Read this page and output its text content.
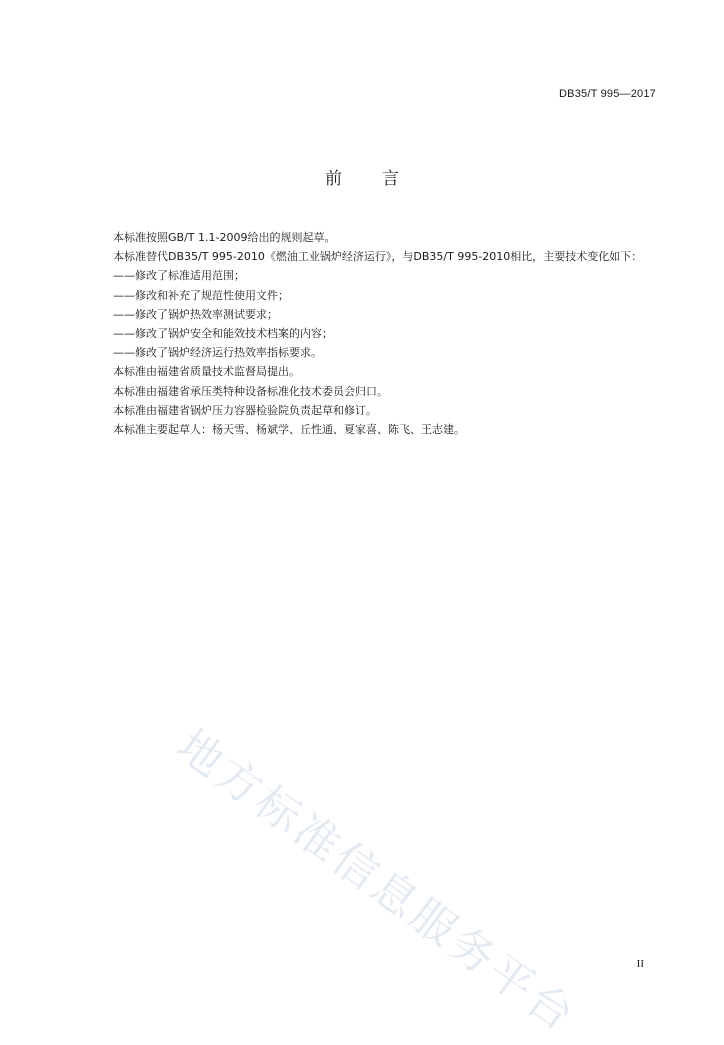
DB35/T 995—2017
前 言

本标准按照GB/T 1.1-2009给出的规则起草。

本标准替代DB35/T 995-2010《燃油工业锅炉经济运行》，与DB35/T 995-2010相比，主要技术变化如下：

——修改了标准适用范围；

——修改和补充了规范性使用文件；

——修改了锅炉热效率测试要求；

——修改了锅炉安全和能效技术档案的内容；

——修改了锅炉经济运行热效率指标要求。

本标准由福建省质量技术监督局提出。

本标准由福建省承压类特种设备标准化技术委员会归口。

本标准由福建省锅炉压力容器检验院负责起草和修订。

本标准主要起草人：杨天雪、杨斌学、丘性通、夏家喜、陈飞、王志建。

地方标准信息服务平台	II
